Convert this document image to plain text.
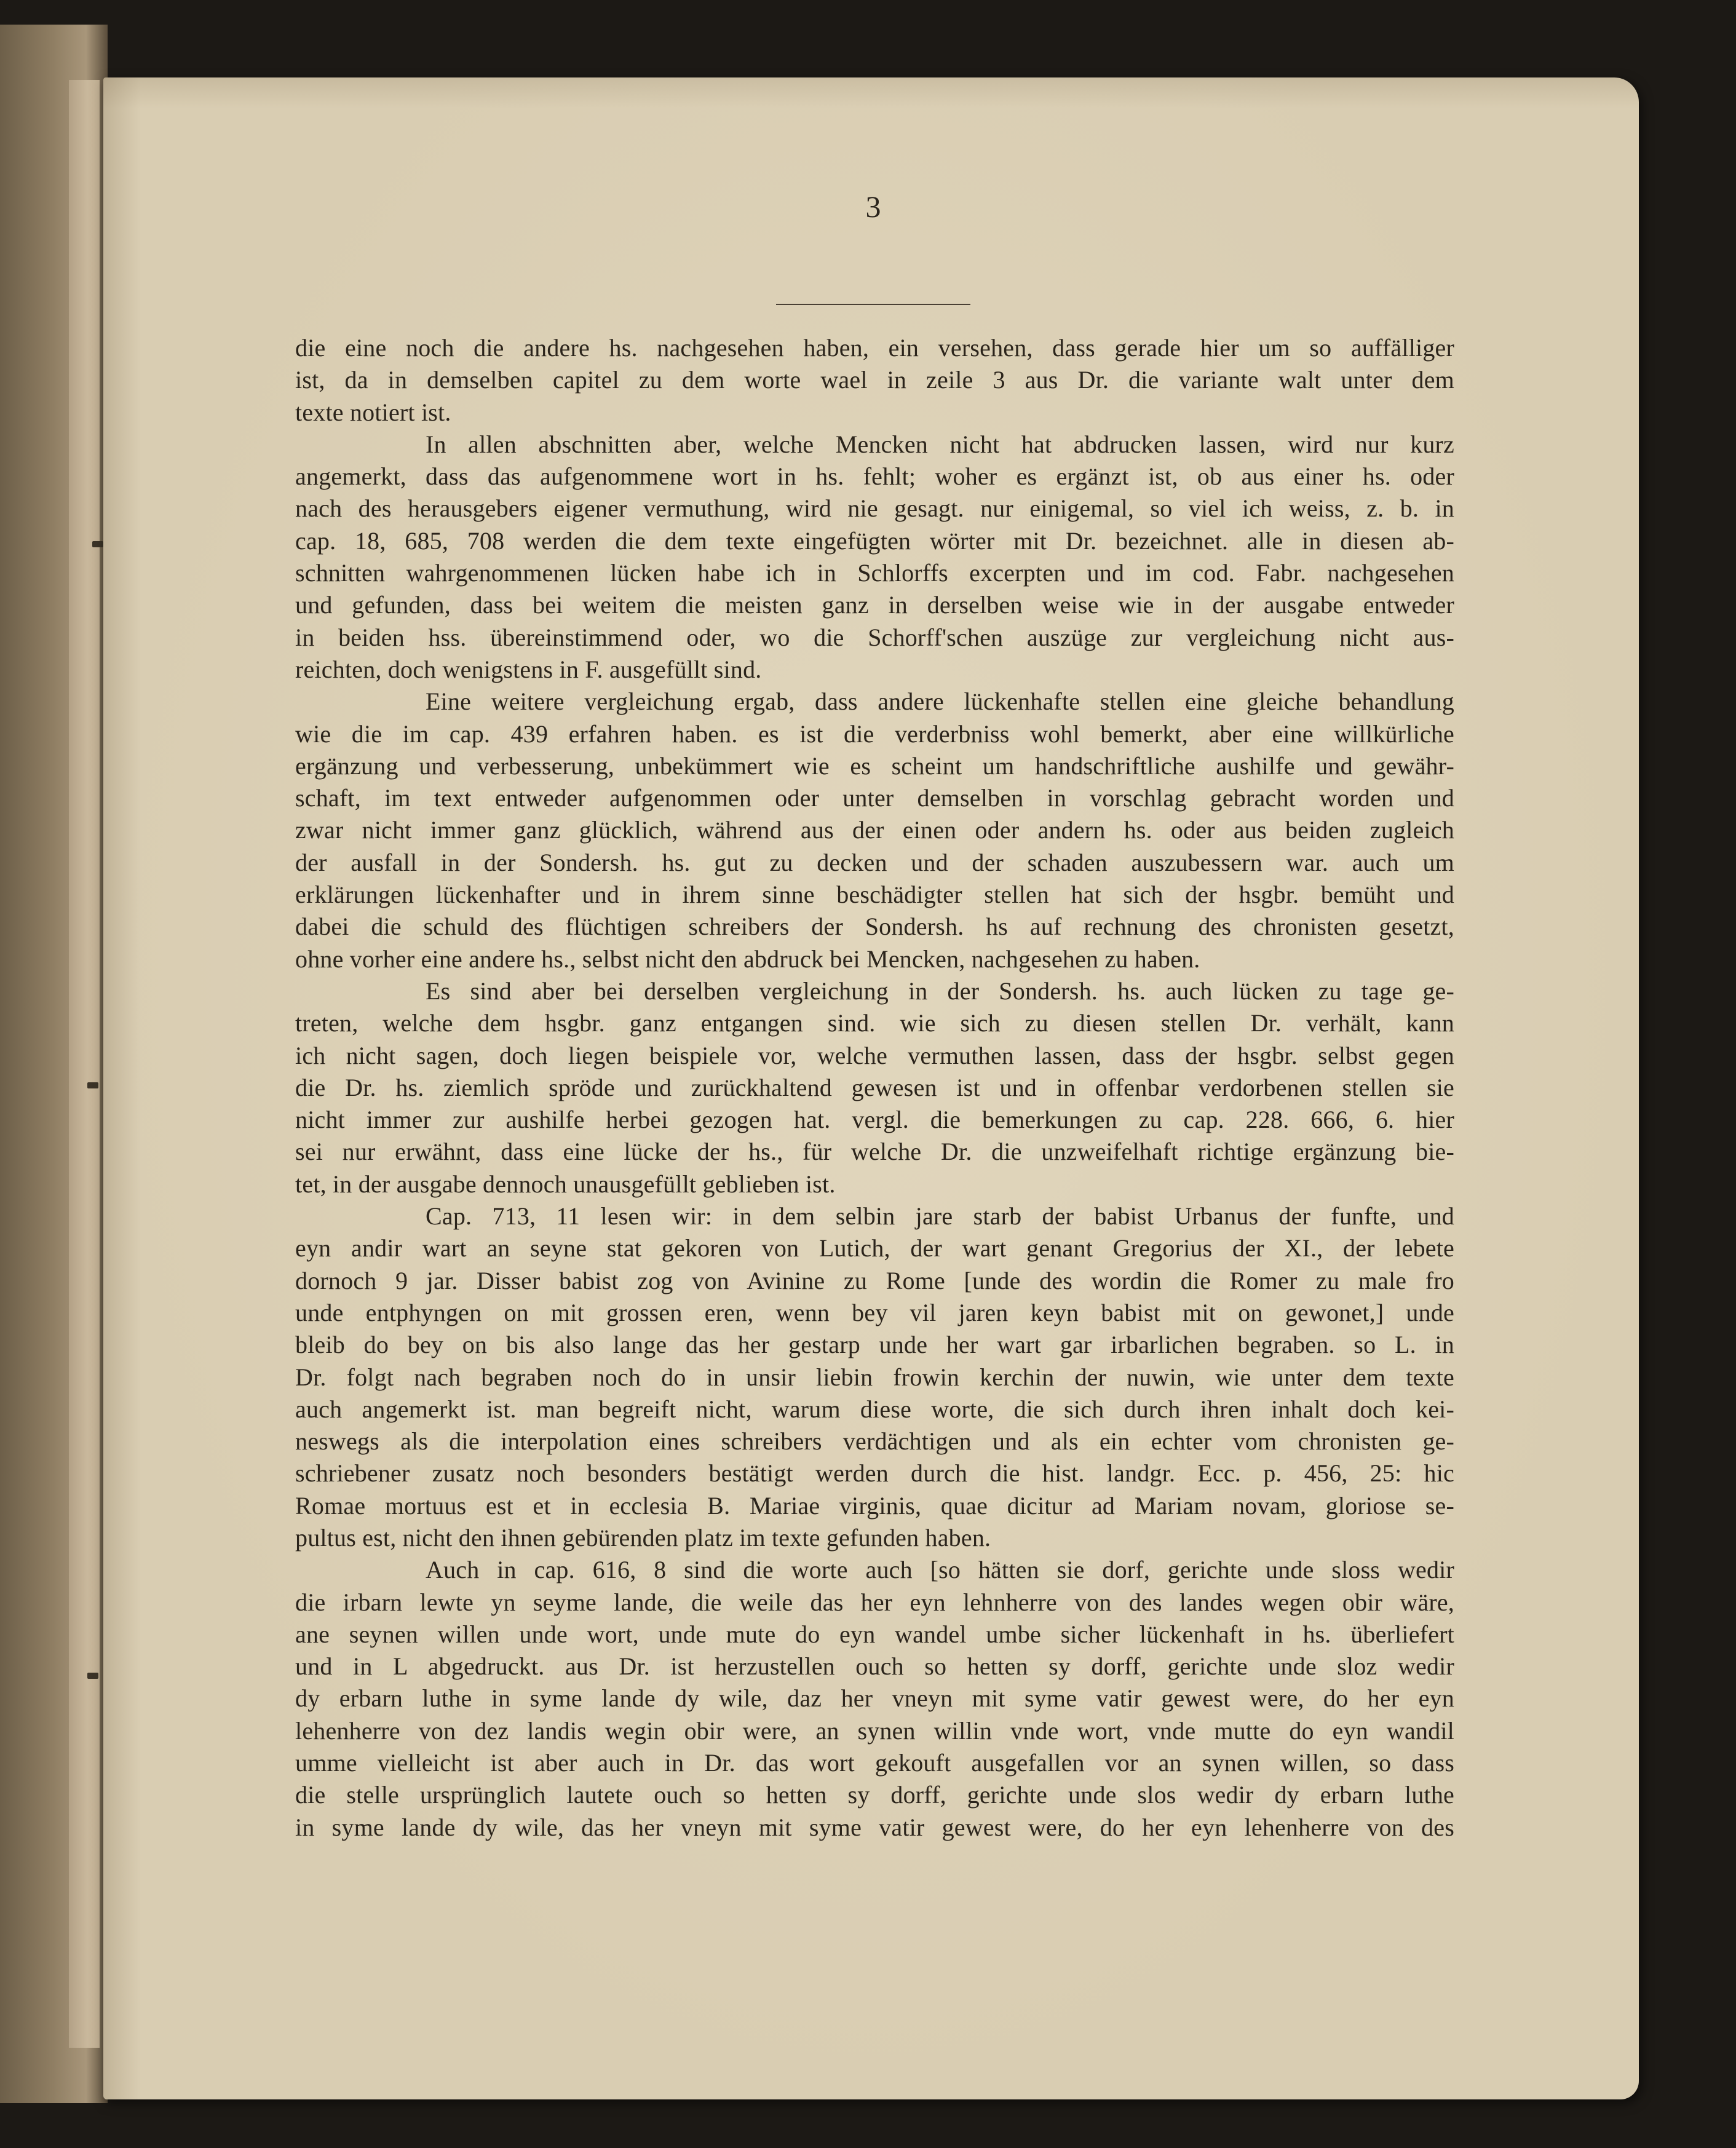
3
die eine noch die andere hs. nachgesehen haben, ein versehen, dass gerade hier um so auffälliger
ist, da in demselben capitel zu dem worte wael in zeile 3 aus Dr. die variante walt unter dem
texte notiert ist.
In allen abschnitten aber, welche Mencken nicht hat abdrucken lassen, wird nur kurz
angemerkt, dass das aufgenommene wort in hs. fehlt; woher es ergänzt ist, ob aus einer hs. oder
nach des herausgebers eigener vermuthung, wird nie gesagt. nur einigemal, so viel ich weiss, z. b. in
cap. 18, 685, 708 werden die dem texte eingefügten wörter mit Dr. bezeichnet. alle in diesen ab-
schnitten wahrgenommenen lücken habe ich in Schlorffs excerpten und im cod. Fabr. nachgesehen
und gefunden, dass bei weitem die meisten ganz in derselben weise wie in der ausgabe entweder
in beiden hss. übereinstimmend oder, wo die Schorff'schen auszüge zur vergleichung nicht aus-
reichten, doch wenigstens in F. ausgefüllt sind.
Eine weitere vergleichung ergab, dass andere lückenhafte stellen eine gleiche behandlung
wie die im cap. 439 erfahren haben. es ist die verderbniss wohl bemerkt, aber eine willkürliche
ergänzung und verbesserung, unbekümmert wie es scheint um handschriftliche aushilfe und gewähr-
schaft, im text entweder aufgenommen oder unter demselben in vorschlag gebracht worden und
zwar nicht immer ganz glücklich, während aus der einen oder andern hs. oder aus beiden zugleich
der ausfall in der Sondersh. hs. gut zu decken und der schaden auszubessern war. auch um
erklärungen lückenhafter und in ihrem sinne beschädigter stellen hat sich der hsgbr. bemüht und
dabei die schuld des flüchtigen schreibers der Sondersh. hs auf rechnung des chronisten gesetzt,
ohne vorher eine andere hs., selbst nicht den abdruck bei Mencken, nachgesehen zu haben.
Es sind aber bei derselben vergleichung in der Sondersh. hs. auch lücken zu tage ge-
treten, welche dem hsgbr. ganz entgangen sind. wie sich zu diesen stellen Dr. verhält, kann
ich nicht sagen, doch liegen beispiele vor, welche vermuthen lassen, dass der hsgbr. selbst gegen
die Dr. hs. ziemlich spröde und zurückhaltend gewesen ist und in offenbar verdorbenen stellen sie
nicht immer zur aushilfe herbei gezogen hat. vergl. die bemerkungen zu cap. 228. 666, 6. hier
sei nur erwähnt, dass eine lücke der hs., für welche Dr. die unzweifelhaft richtige ergänzung bie-
tet, in der ausgabe dennoch unausgefüllt geblieben ist.
Cap. 713, 11 lesen wir: in dem selbin jare starb der babist Urbanus der funfte, und
eyn andir wart an seyne stat gekoren von Lutich, der wart genant Gregorius der XI., der lebete
dornoch 9 jar. Disser babist zog von Avinine zu Rome [unde des wordin die Romer zu male fro
unde entphyngen on mit grossen eren, wenn bey vil jaren keyn babist mit on gewonet,] unde
bleib do bey on bis also lange das her gestarp unde her wart gar irbarlichen begraben. so L. in
Dr. folgt nach begraben noch do in unsir liebin frowin kerchin der nuwin, wie unter dem texte
auch angemerkt ist. man begreift nicht, warum diese worte, die sich durch ihren inhalt doch kei-
neswegs als die interpolation eines schreibers verdächtigen und als ein echter vom chronisten ge-
schriebener zusatz noch besonders bestätigt werden durch die hist. landgr. Ecc. p. 456, 25: hic
Romae mortuus est et in ecclesia B. Mariae virginis, quae dicitur ad Mariam novam, gloriose se-
pultus est, nicht den ihnen gebürenden platz im texte gefunden haben.
Auch in cap. 616, 8 sind die worte auch [so hätten sie dorf, gerichte unde sloss wedir
die irbarn lewte yn seyme lande, die weile das her eyn lehnherre von des landes wegen obir wäre,
ane seynen willen unde wort, unde mute do eyn wandel umbe sicher lückenhaft in hs. überliefert
und in L abgedruckt. aus Dr. ist herzustellen ouch so hetten sy dorff, gerichte unde sloz wedir
dy erbarn luthe in syme lande dy wile, daz her vneyn mit syme vatir gewest were, do her eyn
lehenherre von dez landis wegin obir were, an synen willin vnde wort, vnde mutte do eyn wandil
umme vielleicht ist aber auch in Dr. das wort gekouft ausgefallen vor an synen willen, so dass
die stelle ursprünglich lautete ouch so hetten sy dorff, gerichte unde slos wedir dy erbarn luthe
in syme lande dy wile, das her vneyn mit syme vatir gewest were, do her eyn lehenherre von des
